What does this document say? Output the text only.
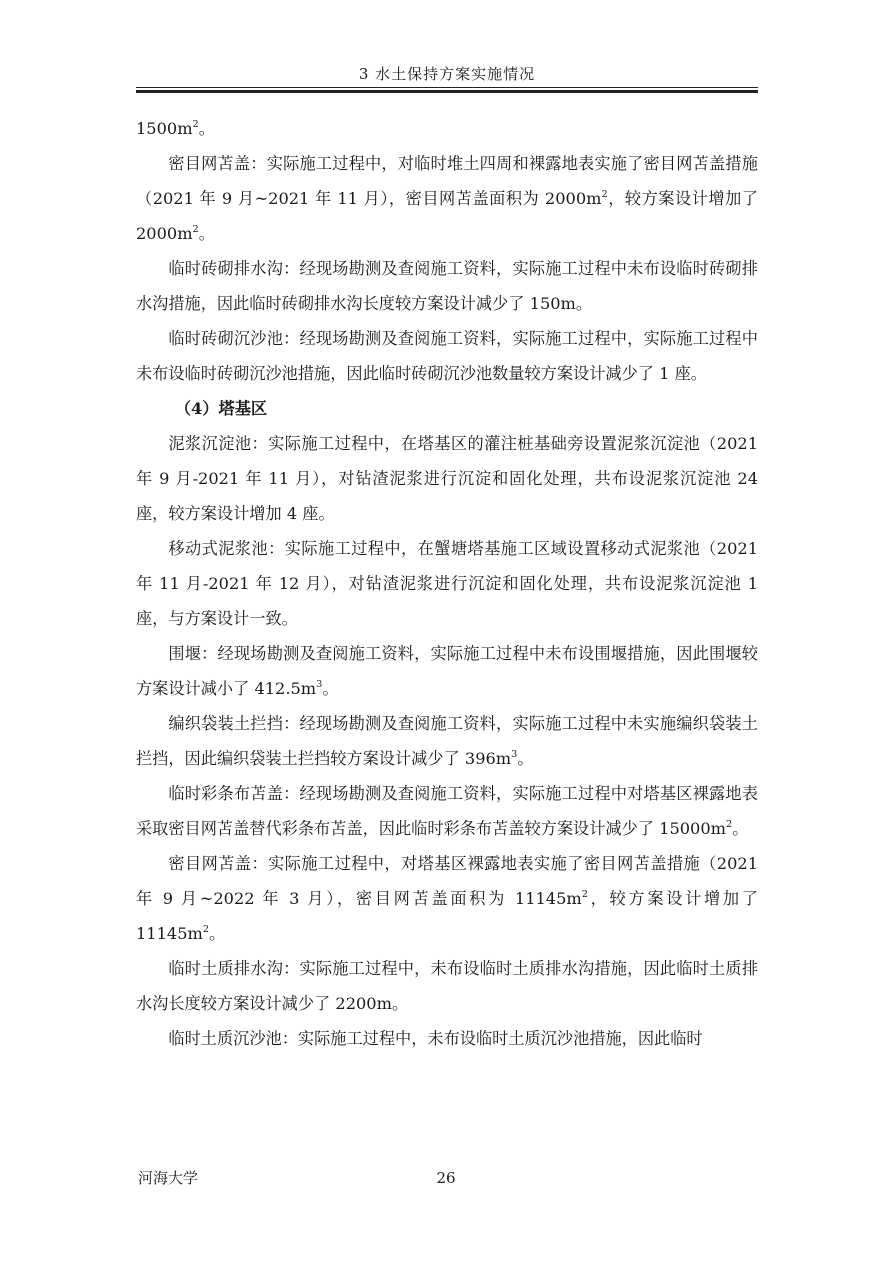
3 水土保持方案实施情况

$1500m^2$。

密目网苫盖：实际施工过程中，对临时堆土四周和裸露地表实施了密目网苫盖措施（2021 年 9 月~2021 年 11 月），密目网苫盖面积为 $2000m^2$，较方案设计增加了 $2000m^2$。

临时砖砌排水沟：经现场勘测及查阅施工资料，实际施工过程中未布设临时砖砌排水沟措施，因此临时砖砌排水沟长度较方案设计减少了 150m。

临时砖砌沉沙池：经现场勘测及查阅施工资料，实际施工过程中，实际施工过程中未布设临时砖砌沉沙池措施，因此临时砖砌沉沙池数量较方案设计减少了 1 座。

（4）塔基区

泥浆沉淀池：实际施工过程中，在塔基区的灌注桩基础旁设置泥浆沉淀池（2021 年 9 月-2021 年 11 月），对钻渣泥浆进行沉淀和固化处理，共布设泥浆沉淀池 24 座，较方案设计增加 4 座。

移动式泥浆池：实际施工过程中，在蟹塘塔基施工区域设置移动式泥浆池（2021 年 11 月-2021 年 12 月），对钻渣泥浆进行沉淀和固化处理，共布设泥浆沉淀池 1 座，与方案设计一致。

围堰：经现场勘测及查阅施工资料，实际施工过程中未布设围堰措施，因此围堰较方案设计减小了 $412.5m^3$。

编织袋装土拦挡：经现场勘测及查阅施工资料，实际施工过程中未实施编织袋装土拦挡，因此编织袋装土拦挡较方案设计减少了 $396m^3$。

临时彩条布苫盖：经现场勘测及查阅施工资料，实际施工过程中对塔基区裸露地表采取密目网苫盖替代彩条布苫盖，因此临时彩条布苫盖较方案设计减少了 $15000m^2$。

密目网苫盖：实际施工过程中，对塔基区裸露地表实施了密目网苫盖措施（2021 年 9 月~2022 年 3 月），密目网苫盖面积为 $11145m^2$，较方案设计增加了 $11145m^2$。

临时土质排水沟：实际施工过程中，未布设临时土质排水沟措施，因此临时土质排水沟长度较方案设计减少了 2200m。

临时土质沉沙池：实际施工过程中，未布设临时土质沉沙池措施，因此临时

河海大学	26
